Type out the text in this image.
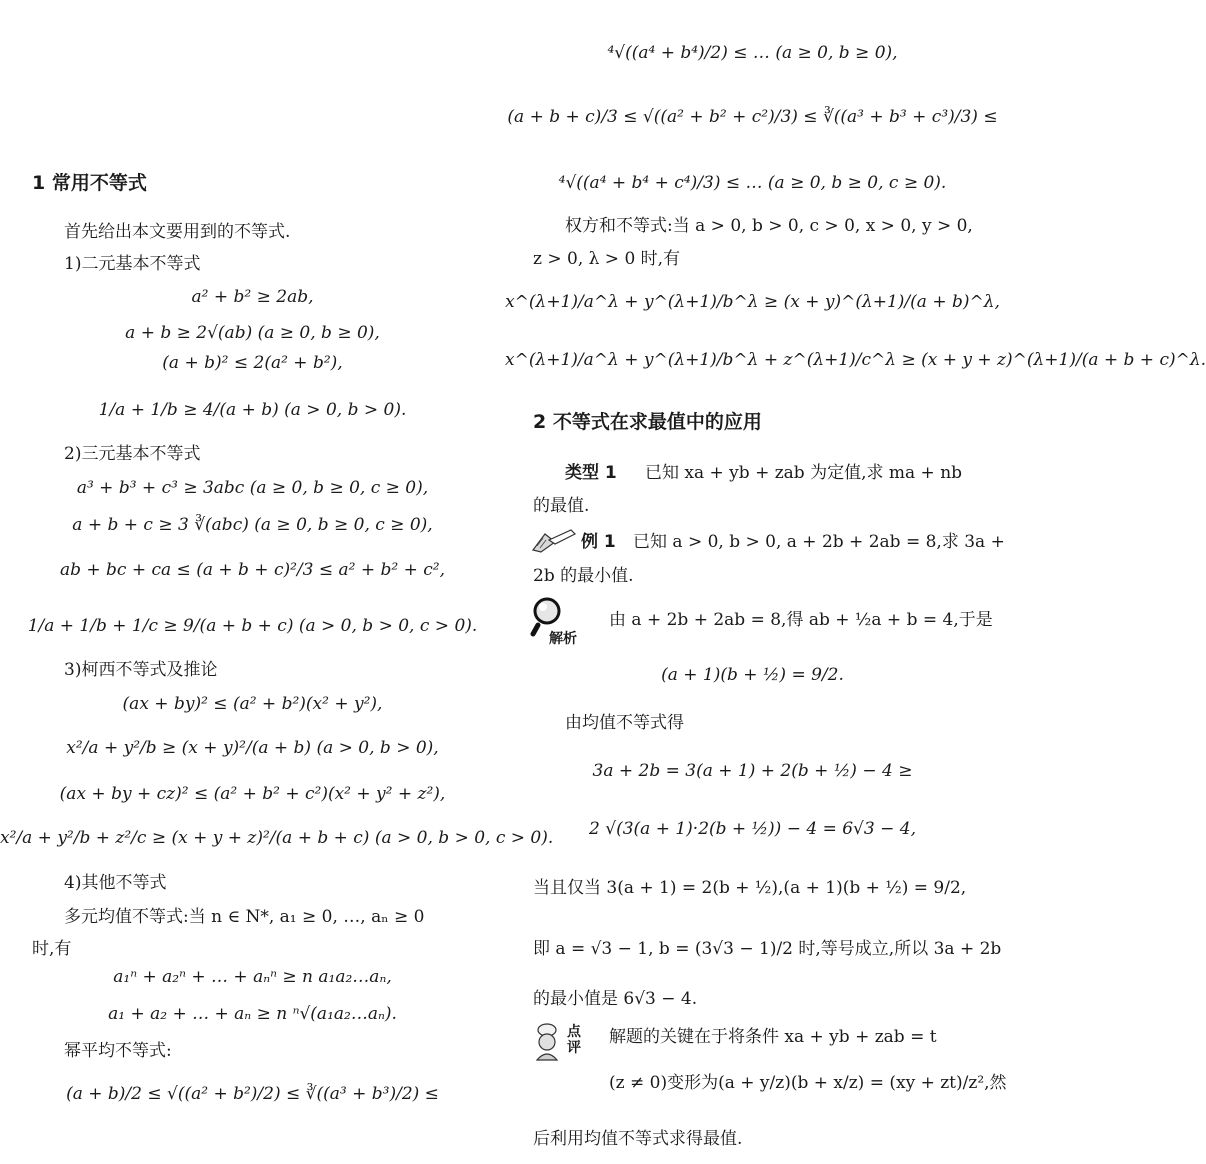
1 常用不等式
首先给出本文要用到的不等式.
1)二元基本不等式
a² + b² ≥ 2ab,
a + b ≥ 2√(ab) (a ≥ 0, b ≥ 0),
(a + b)² ≤ 2(a² + b²),
1/a + 1/b ≥ 4/(a + b) (a > 0, b > 0).
2)三元基本不等式
a³ + b³ + c³ ≥ 3abc (a ≥ 0, b ≥ 0, c ≥ 0),
a + b + c ≥ 3 ∛(abc) (a ≥ 0, b ≥ 0, c ≥ 0),
ab + bc + ca ≤ (a + b + c)²/3 ≤ a² + b² + c²,
1/a + 1/b + 1/c ≥ 9/(a + b + c) (a > 0, b > 0, c > 0).
3)柯西不等式及推论
(ax + by)² ≤ (a² + b²)(x² + y²),
x²/a + y²/b ≥ (x + y)²/(a + b) (a > 0, b > 0),
(ax + by + cz)² ≤ (a² + b² + c²)(x² + y² + z²),
x²/a + y²/b + z²/c ≥ (x + y + z)²/(a + b + c) (a > 0, b > 0, c > 0).
4)其他不等式
多元均值不等式:当 n ∈ N*, a₁ ≥ 0, …, aₙ ≥ 0
时,有
a₁ⁿ + a₂ⁿ + … + aₙⁿ ≥ n a₁a₂…aₙ,
a₁ + a₂ + … + aₙ ≥ n ⁿ√(a₁a₂…aₙ).
幂平均不等式:
(a + b)/2 ≤ √((a² + b²)/2) ≤ ∛((a³ + b³)/2) ≤
⁴√((a⁴ + b⁴)/2) ≤ … (a ≥ 0, b ≥ 0),
(a + b + c)/3 ≤ √((a² + b² + c²)/3) ≤ ∛((a³ + b³ + c³)/3) ≤
⁴√((a⁴ + b⁴ + c⁴)/3) ≤ … (a ≥ 0, b ≥ 0, c ≥ 0).
权方和不等式:当 a > 0, b > 0, c > 0, x > 0, y > 0,
z > 0, λ > 0 时,有
x^(λ+1)/a^λ + y^(λ+1)/b^λ ≥ (x + y)^(λ+1)/(a + b)^λ,
x^(λ+1)/a^λ + y^(λ+1)/b^λ + z^(λ+1)/c^λ ≥ (x + y + z)^(λ+1)/(a + b + c)^λ.
2 不等式在求最值中的应用
类型 1 已知 xa + yb + zab 为定值,求 ma + nb
的最值.
例 1 已知 a > 0, b > 0, a + 2b + 2ab = 8,求 3a +
2b 的最小值.
解析
由 a + 2b + 2ab = 8,得 ab + ½a + b = 4,于是
(a + 1)(b + ½) = 9/2.
由均值不等式得
3a + 2b = 3(a + 1) + 2(b + ½) − 4 ≥
2 √(3(a + 1)·2(b + ½)) − 4 = 6√3 − 4,
当且仅当 3(a + 1) = 2(b + ½),(a + 1)(b + ½) = 9/2,
即 a = √3 − 1, b = (3√3 − 1)/2 时,等号成立,所以 3a + 2b
的最小值是 6√3 − 4.
点评
解题的关键在于将条件 xa + yb + zab = t
(z ≠ 0)变形为(a + y/z)(b + x/z) = (xy + zt)/z²,然
后利用均值不等式求得最值.
